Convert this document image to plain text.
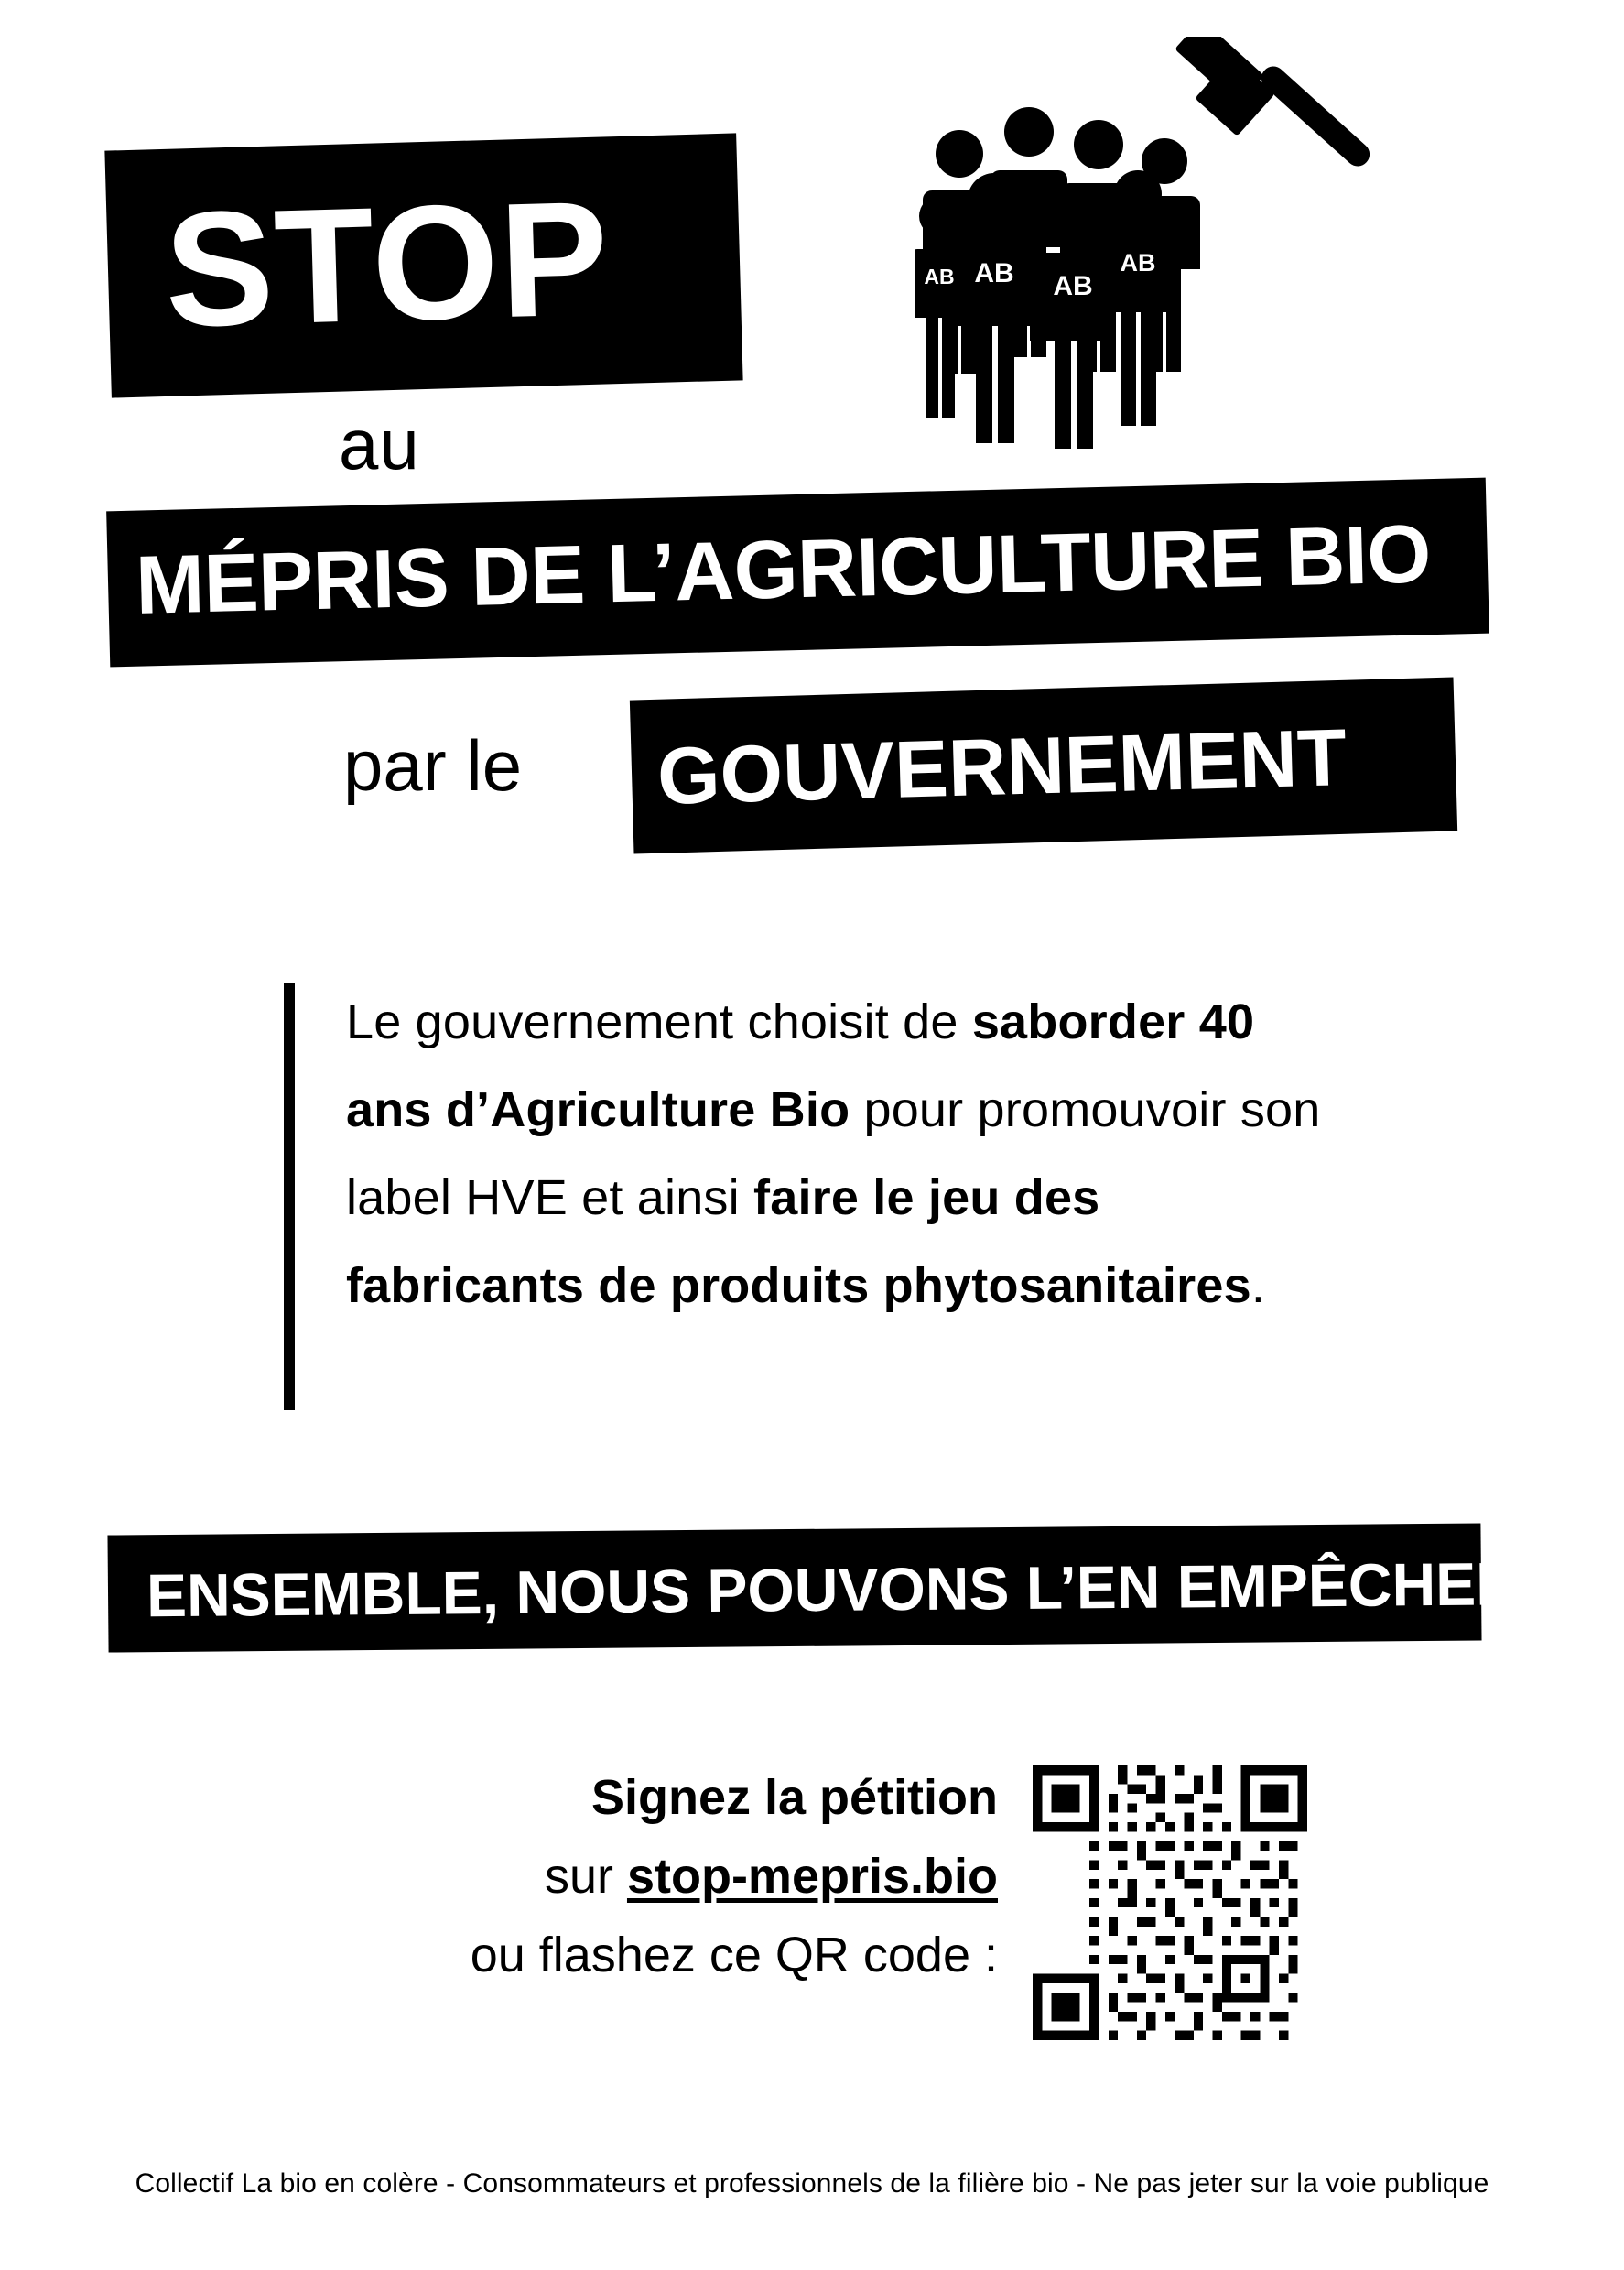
STOP
au
MÉPRIS DE L’AGRICULTURE BIO
par le GOUVERNEMENT
AB AB
AB
AB

Le gouvernement choisit de saborder 40 ans d’Agriculture Bio pour promouvoir son label HVE et ainsi faire le jeu des fabricants de produits phytosanitaires.

ENSEMBLE, NOUS POUVONS L’EN EMPÊCHER !
Signez la pétition
sur stop-mepris.bio
ou flashez ce QR code :
Collectif La bio en colère - Consommateurs et professionnels de la filière bio - Ne pas jeter sur la voie publique
